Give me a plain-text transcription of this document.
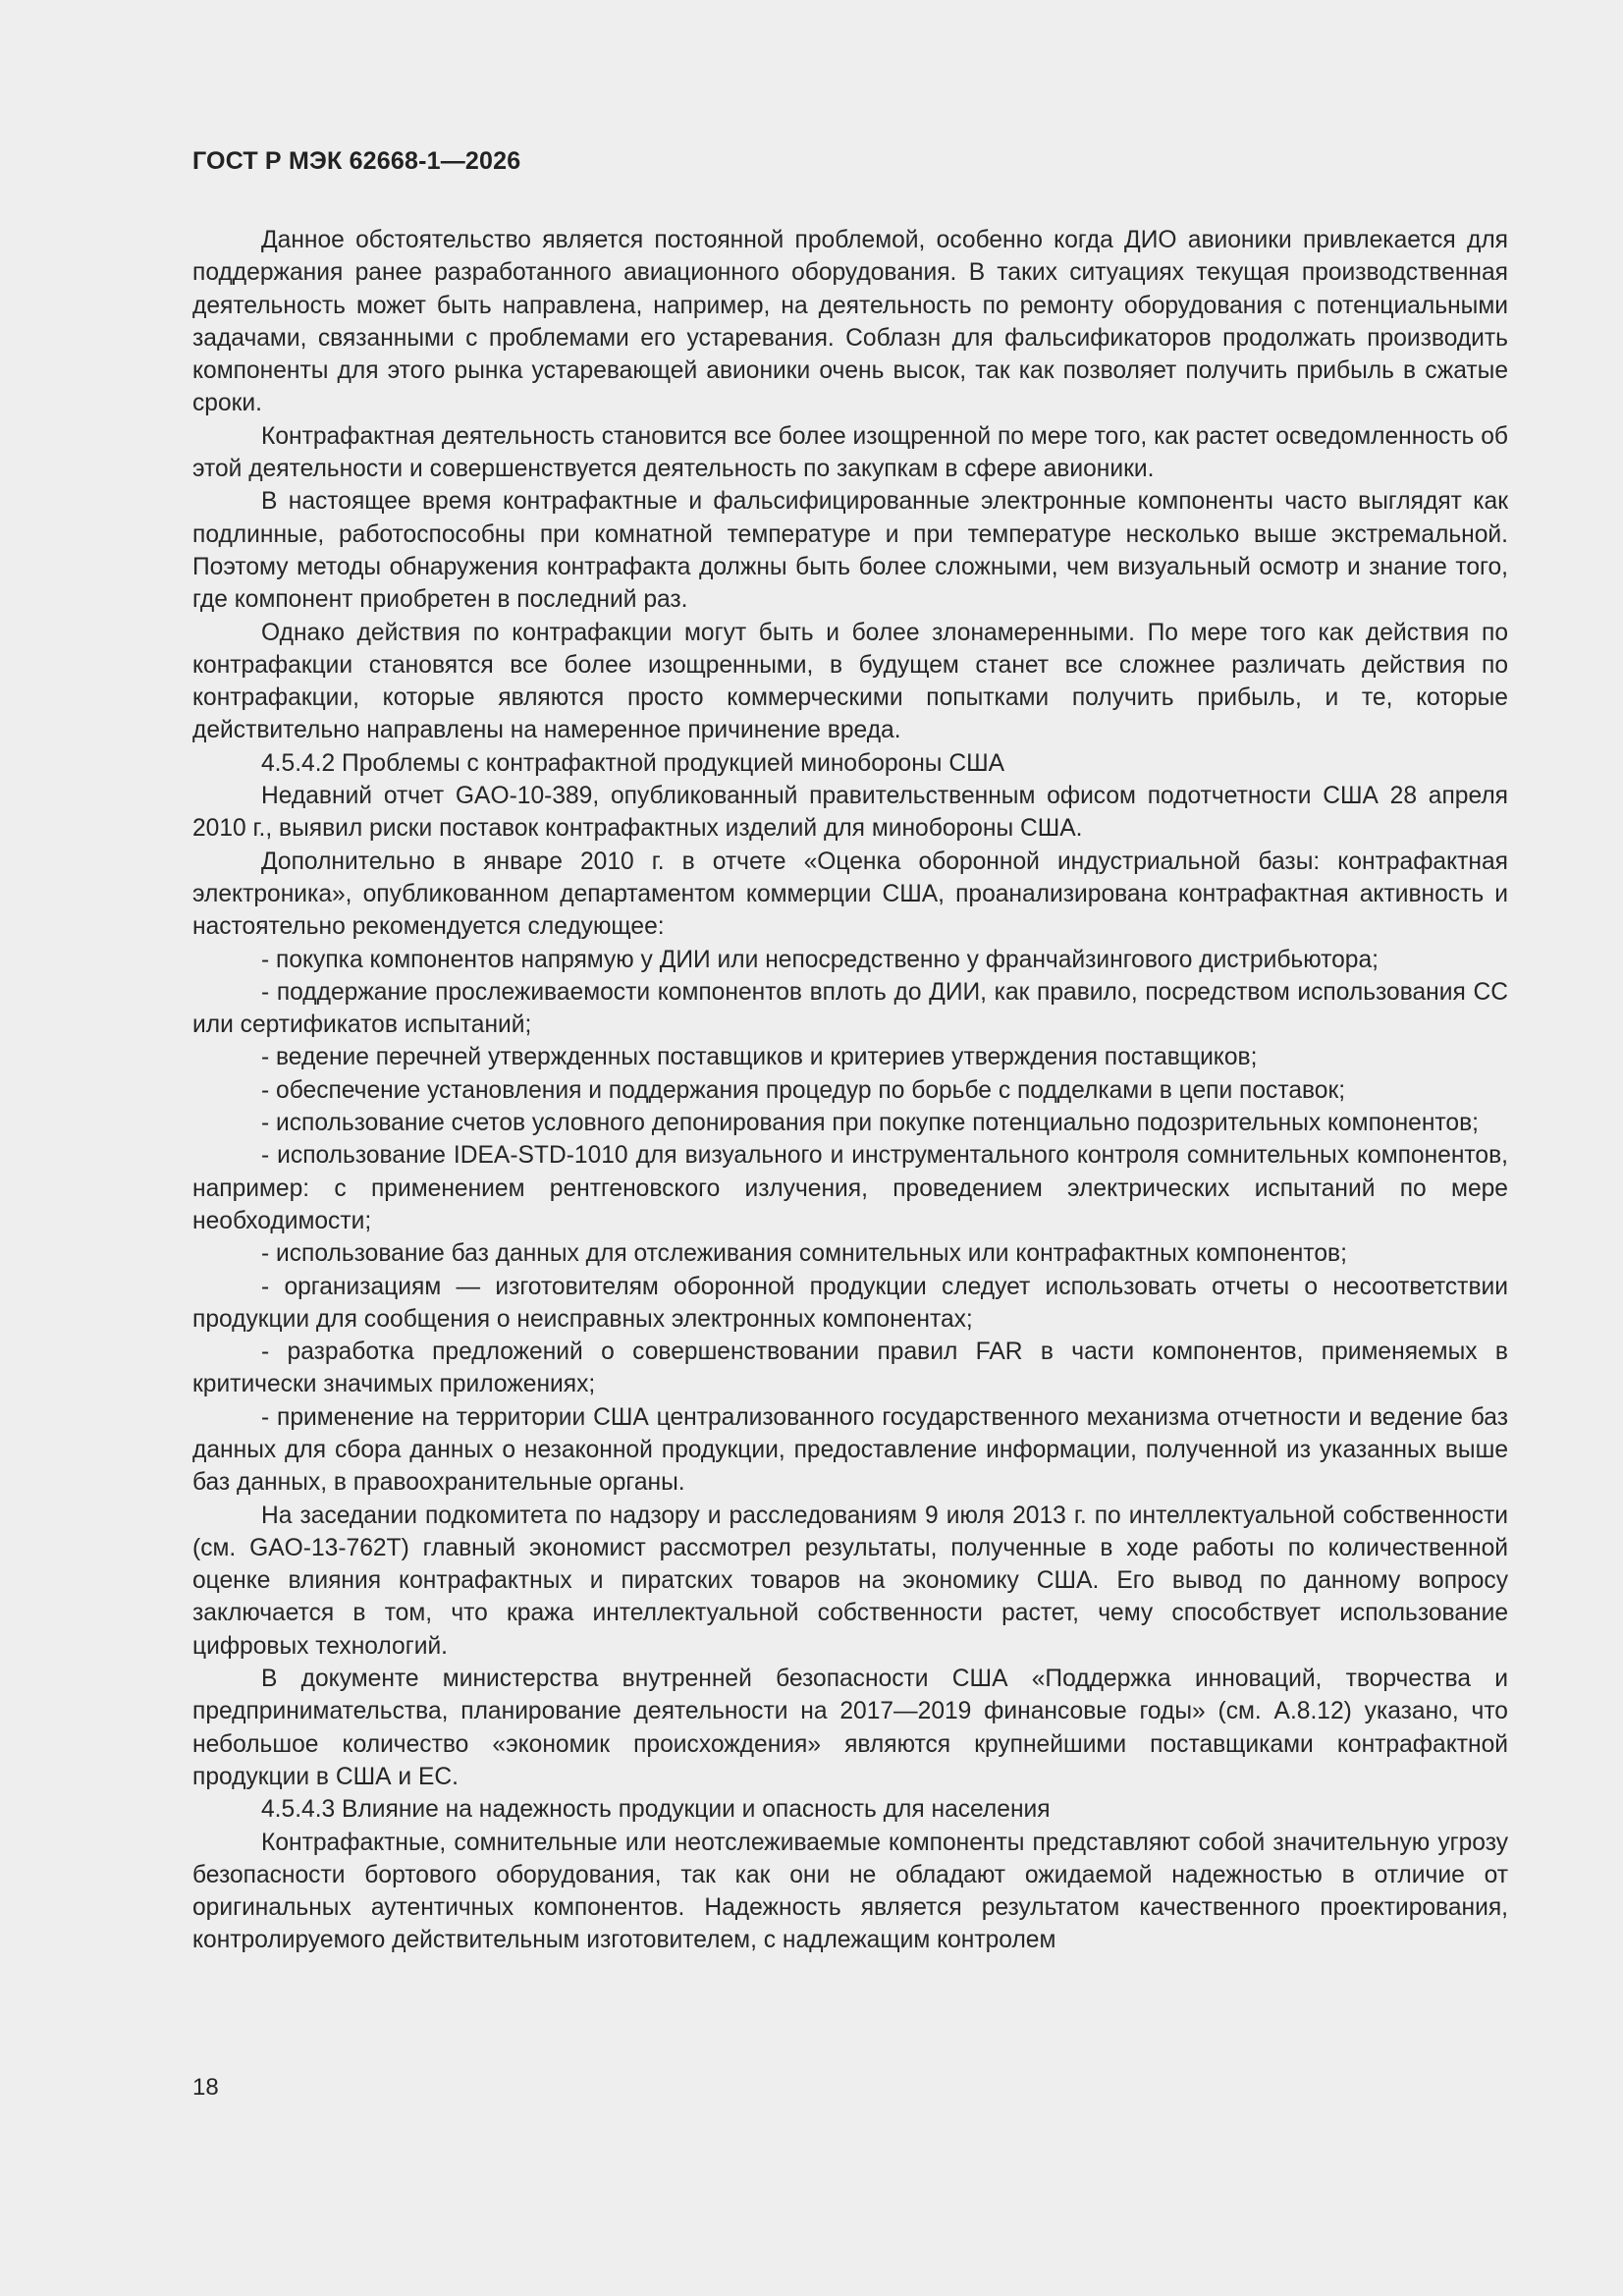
ГОСТ Р МЭК 62668-1—2026

Данное обстоятельство является постоянной проблемой, особенно когда ДИО авионики привлекается для поддержания ранее разработанного авиационного оборудования. В таких ситуациях текущая производственная деятельность может быть направлена, например, на деятельность по ремонту оборудования с потенциальными задачами, связанными с проблемами его устаревания. Соблазн для фальсификаторов продолжать производить компоненты для этого рынка устаревающей авионики очень высок, так как позволяет получить прибыль в сжатые сроки.

Контрафактная деятельность становится все более изощренной по мере того, как растет осведомленность об этой деятельности и совершенствуется деятельность по закупкам в сфере авионики.

В настоящее время контрафактные и фальсифицированные электронные компоненты часто выглядят как подлинные, работоспособны при комнатной температуре и при температуре несколько выше экстремальной. Поэтому методы обнаружения контрафакта должны быть более сложными, чем визуальный осмотр и знание того, где компонент приобретен в последний раз.

Однако действия по контрафакции могут быть и более злонамеренными. По мере того как действия по контрафакции становятся все более изощренными, в будущем станет все сложнее различать действия по контрафакции, которые являются просто коммерческими попытками получить прибыль, и те, которые действительно направлены на намеренное причинение вреда.

4.5.4.2 Проблемы с контрафактной продукцией минобороны США

Недавний отчет GAO-10-389, опубликованный правительственным офисом подотчетности США 28 апреля 2010 г., выявил риски поставок контрафактных изделий для минобороны США.

Дополнительно в январе 2010 г. в отчете «Оценка оборонной индустриальной базы: контрафактная электроника», опубликованном департаментом коммерции США, проанализирована контрафактная активность и настоятельно рекомендуется следующее:

- покупка компонентов напрямую у ДИИ или непосредственно у франчайзингового дистрибьютора;

- поддержание прослеживаемости компонентов вплоть до ДИИ, как правило, посредством использования СС или сертификатов испытаний;

- ведение перечней утвержденных поставщиков и критериев утверждения поставщиков;

- обеспечение установления и поддержания процедур по борьбе с подделками в цепи поставок;

- использование счетов условного депонирования при покупке потенциально подозрительных компонентов;

- использование IDEA-STD-1010 для визуального и инструментального контроля сомнительных компонентов, например: с применением рентгеновского излучения, проведением электрических испытаний по мере необходимости;

- использование баз данных для отслеживания сомнительных или контрафактных компонентов;

- организациям — изготовителям оборонной продукции следует использовать отчеты о несоответствии продукции для сообщения о неисправных электронных компонентах;

- разработка предложений о совершенствовании правил FAR в части компонентов, применяемых в критически значимых приложениях;

- применение на территории США централизованного государственного механизма отчетности и ведение баз данных для сбора данных о незаконной продукции, предоставление информации, полученной из указанных выше баз данных, в правоохранительные органы.

На заседании подкомитета по надзору и расследованиям 9 июля 2013 г. по интеллектуальной собственности (см. GAO-13-762T) главный экономист рассмотрел результаты, полученные в ходе работы по количественной оценке влияния контрафактных и пиратских товаров на экономику США. Его вывод по данному вопросу заключается в том, что кража интеллектуальной собственности растет, чему способствует использование цифровых технологий.

В документе министерства внутренней безопасности США «Поддержка инноваций, творчества и предпринимательства, планирование деятельности на 2017—2019 финансовые годы» (см. А.8.12) указано, что небольшое количество «экономик происхождения» являются крупнейшими поставщиками контрафактной продукции в США и ЕС.

4.5.4.3 Влияние на надежность продукции и опасность для населения

Контрафактные, сомнительные или неотслеживаемые компоненты представляют собой значительную угрозу безопасности бортового оборудования, так как они не обладают ожидаемой надежностью в отличие от оригинальных аутентичных компонентов. Надежность является результатом качественного проектирования, контролируемого действительным изготовителем, с надлежащим контролем

18
